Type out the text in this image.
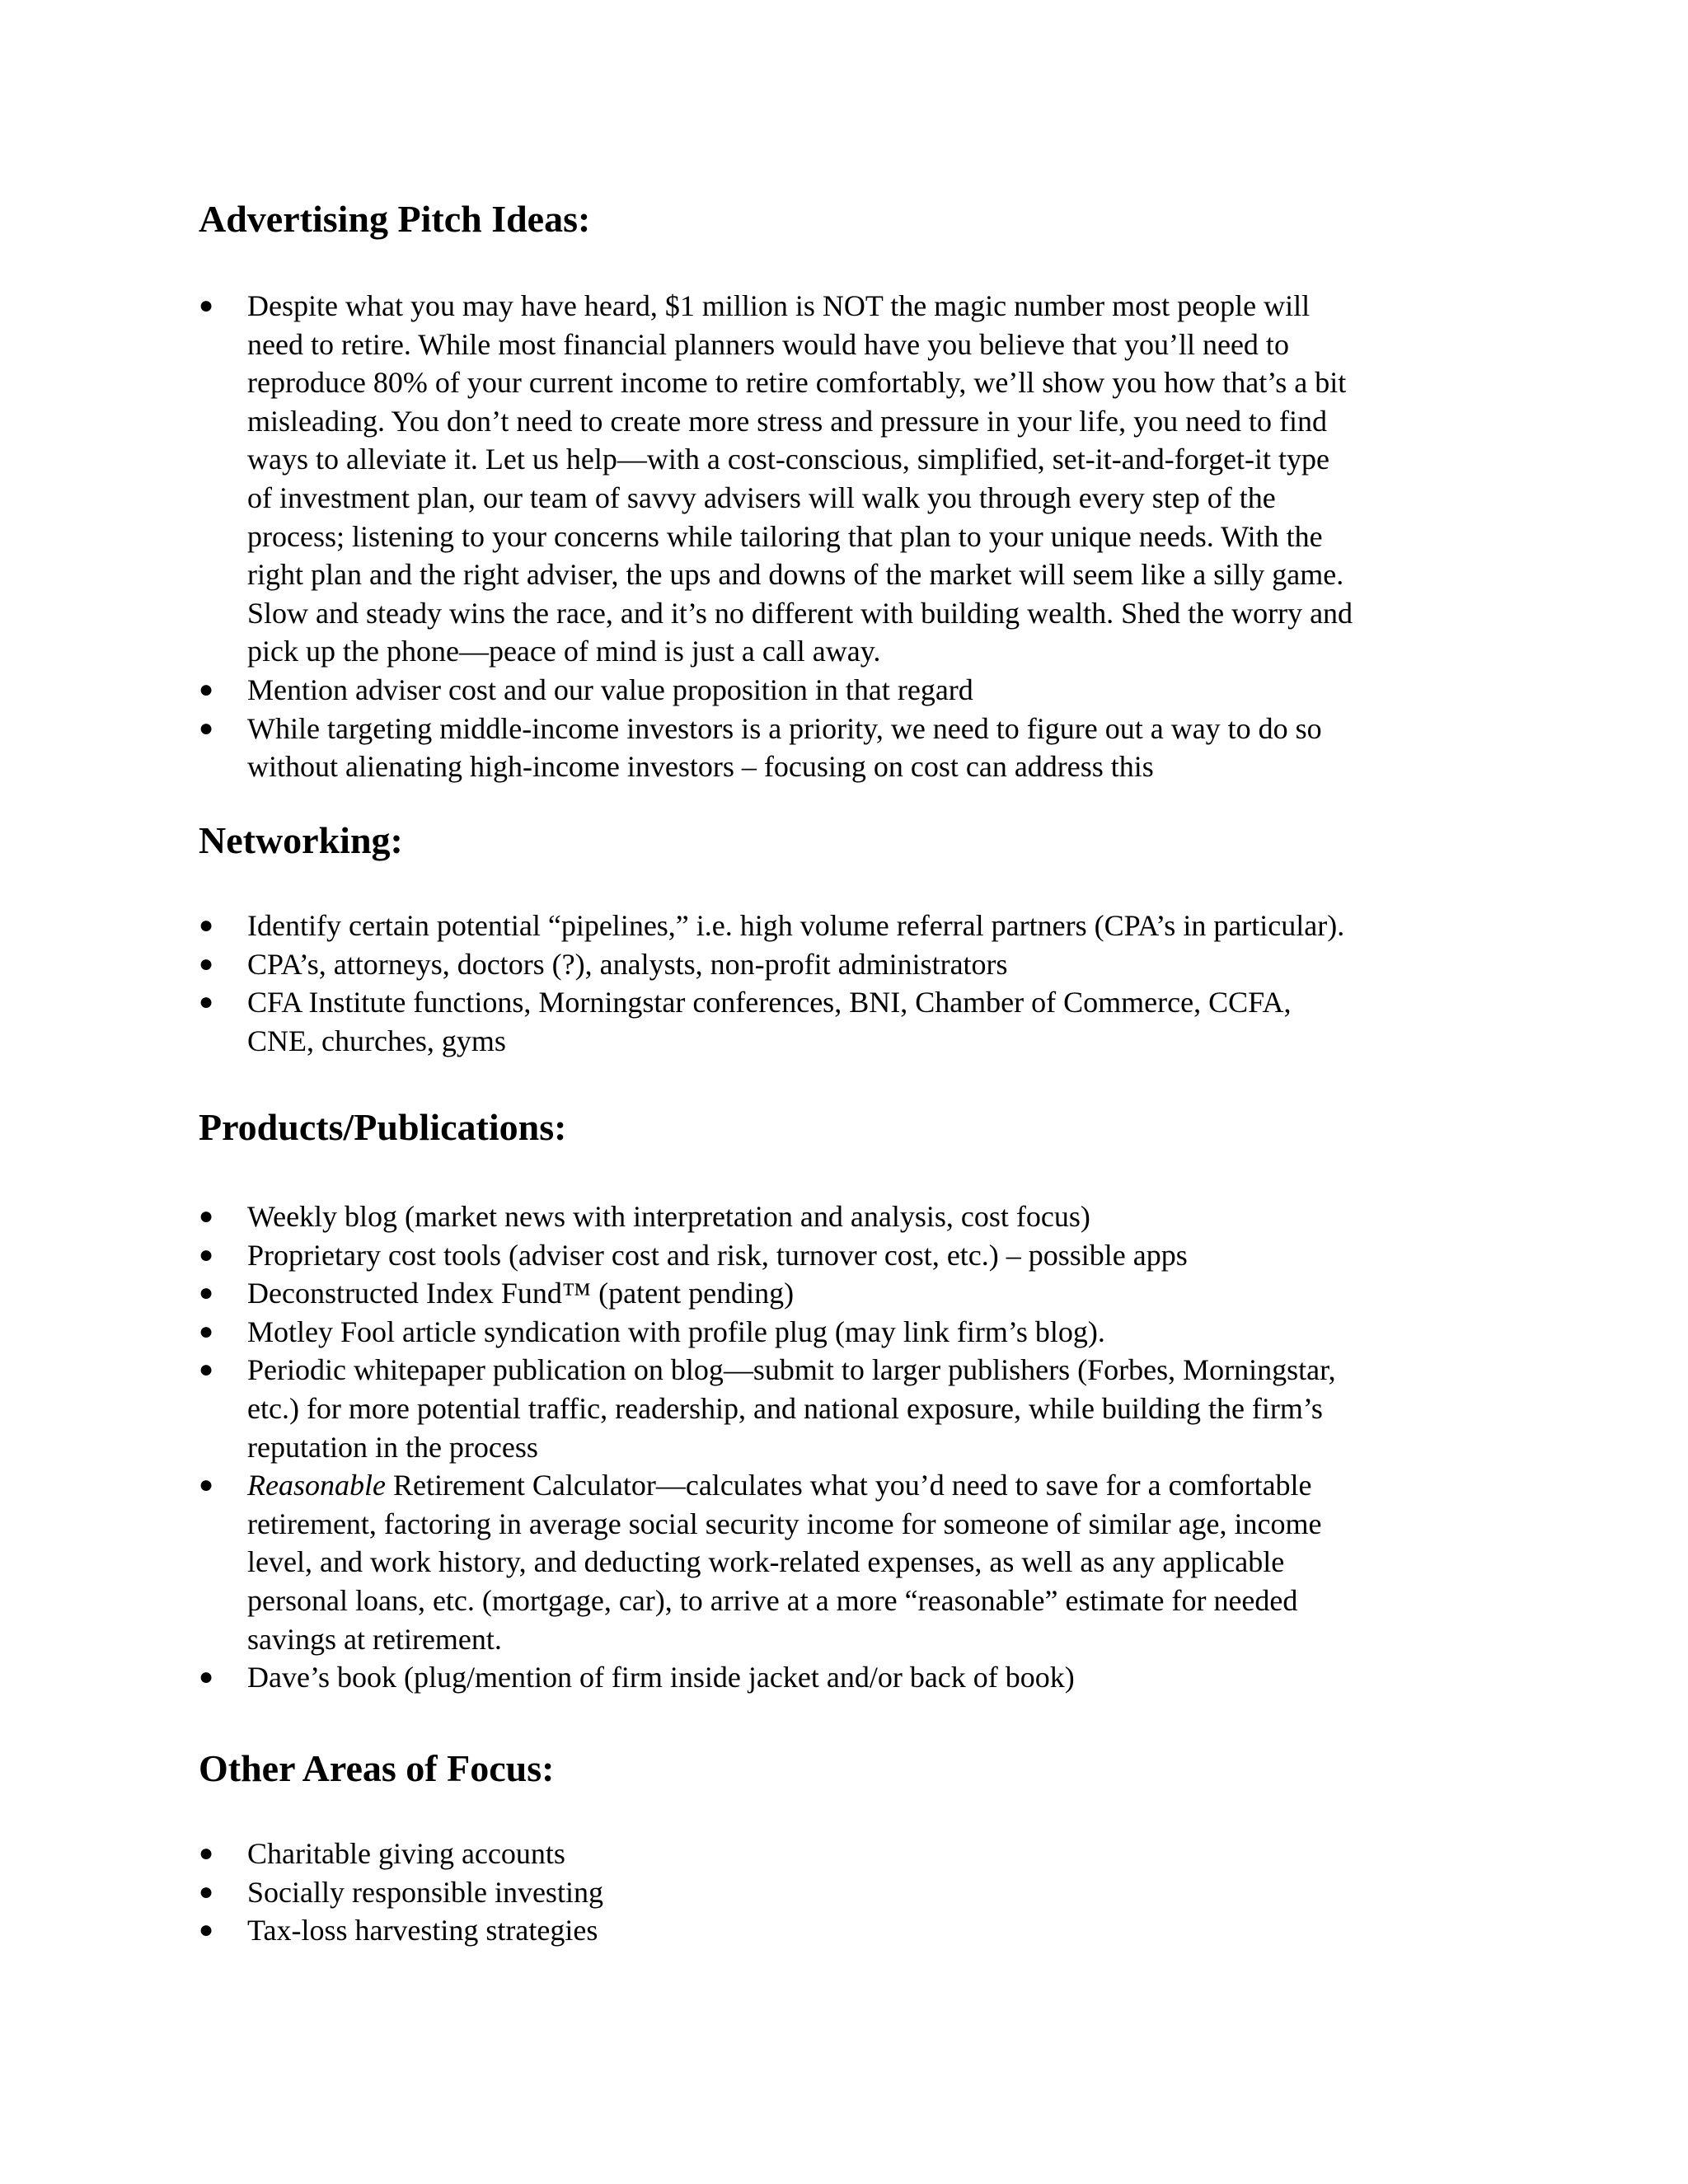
Advertising Pitch Ideas:
● Despite what you may have heard, $1 million is NOT the magic number most people will
need to retire. While most financial planners would have you believe that you’ll need to
reproduce 80% of your current income to retire comfortably, we’ll show you how that’s a bit
misleading. You don’t need to create more stress and pressure in your life, you need to find
ways to alleviate it. Let us help—with a cost-conscious, simplified, set-it-and-forget-it type
of investment plan, our team of savvy advisers will walk you through every step of the
process; listening to your concerns while tailoring that plan to your unique needs. With the
right plan and the right adviser, the ups and downs of the market will seem like a silly game.
Slow and steady wins the race, and it’s no different with building wealth. Shed the worry and
pick up the phone—peace of mind is just a call away.
● Mention adviser cost and our value proposition in that regard
● While targeting middle-income investors is a priority, we need to figure out a way to do so
without alienating high-income investors – focusing on cost can address this
Networking:
● Identify certain potential “pipelines,” i.e. high volume referral partners (CPA’s in particular).
● CPA’s, attorneys, doctors (?), analysts, non-profit administrators
● CFA Institute functions, Morningstar conferences, BNI, Chamber of Commerce, CCFA,
CNE, churches, gyms
Products/Publications:
● Weekly blog (market news with interpretation and analysis, cost focus)
● Proprietary cost tools (adviser cost and risk, turnover cost, etc.) – possible apps
● Deconstructed Index Fund™ (patent pending)
● Motley Fool article syndication with profile plug (may link firm’s blog).
● Periodic whitepaper publication on blog—submit to larger publishers (Forbes, Morningstar,
etc.) for more potential traffic, readership, and national exposure, while building the firm’s
reputation in the process
● Reasonable Retirement Calculator—calculates what you’d need to save for a comfortable
retirement, factoring in average social security income for someone of similar age, income
level, and work history, and deducting work-related expenses, as well as any applicable
personal loans, etc. (mortgage, car), to arrive at a more “reasonable” estimate for needed
savings at retirement.
● Dave’s book (plug/mention of firm inside jacket and/or back of book)
Other Areas of Focus:
● Charitable giving accounts
● Socially responsible investing
● Tax-loss harvesting strategies
